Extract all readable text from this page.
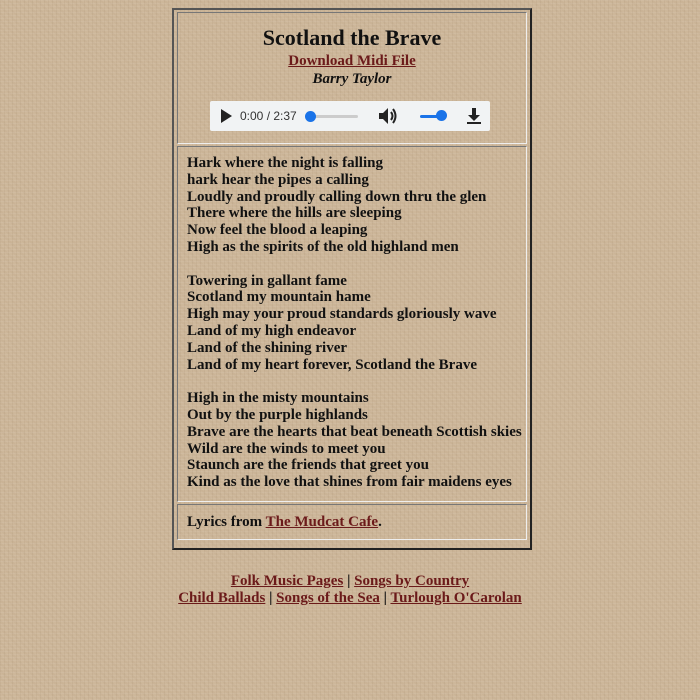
Scotland the Brave
Download Midi File
Barry Taylor
0:00 / 2:37
Hark where the night is falling
hark hear the pipes a calling
Loudly and proudly calling down thru the glen
There where the hills are sleeping
Now feel the blood a leaping
High as the spirits of the old highland men
Towering in gallant fame
Scotland my mountain hame
High may your proud standards gloriously wave
Land of my high endeavor
Land of the shining river
Land of my heart forever, Scotland the Brave
High in the misty mountains
Out by the purple highlands
Brave are the hearts that beat beneath Scottish skies
Wild are the winds to meet you
Staunch are the friends that greet you
Kind as the love that shines from fair maidens eyes
Lyrics from The Mudcat Cafe.
Folk Music Pages | Songs by Country
Child Ballads | Songs of the Sea | Turlough O'Carolan
